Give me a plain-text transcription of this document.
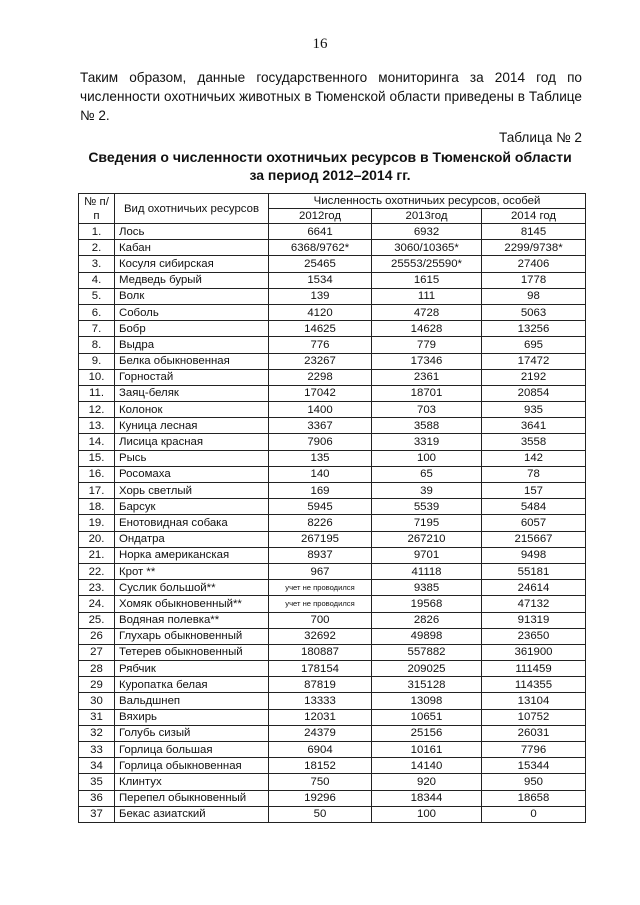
16
Таким образом, данные государственного мониторинга за 2014 год по численности охотничьих животных в Тюменской области приведены в Таблице № 2.
Таблица № 2
Сведения о численности охотничьих ресурсов в Тюменской области
за период 2012–2014 гг.
№ п/п	Вид охотничьих ресурсов	Численность охотничьих ресурсов, особей		
		2012год	2013год	2014 год
1.	Лось	6641	6932	8145
2.	Кабан	6368/9762*	3060/10365*	2299/9738*
3.	Косуля сибирская	25465	25553/25590*	27406
4.	Медведь бурый	1534	1615	1778
5.	Волк	139	111	98
6.	Соболь	4120	4728	5063
7.	Бобр	14625	14628	13256
8.	Выдра	776	779	695
9.	Белка обыкновенная	23267	17346	17472
10.	Горностай	2298	2361	2192
11.	Заяц-беляк	17042	18701	20854
12.	Колонок	1400	703	935
13.	Куница лесная	3367	3588	3641
14.	Лисица красная	7906	3319	3558
15.	Рысь	135	100	142
16.	Росомаха	140	65	78
17.	Хорь светлый	169	39	157
18.	Барсук	5945	5539	5484
19.	Енотовидная собака	8226	7195	6057
20.	Ондатра	267195	267210	215667
21.	Норка американская	8937	9701	9498
22.	Крот **	967	41118	55181
23.	Суслик большой**	учет не проводился	9385	24614
24.	Хомяк обыкновенный**	учет не проводился	19568	47132
25.	Водяная полевка**	700	2826	91319
26	Глухарь обыкновенный	32692	49898	23650
27	Тетерев обыкновенный	180887	557882	361900
28	Рябчик	178154	209025	111459
29	Куропатка белая	87819	315128	114355
30	Вальдшнеп	13333	13098	13104
31	Вяхирь	12031	10651	10752
32	Голубь сизый	24379	25156	26031
33	Горлица большая	6904	10161	7796
34	Горлица обыкновенная	18152	14140	15344
35	Клинтух	750	920	950
36	Перепел обыкновенный	19296	18344	18658
37	Бекас азиатский	50	100	0
